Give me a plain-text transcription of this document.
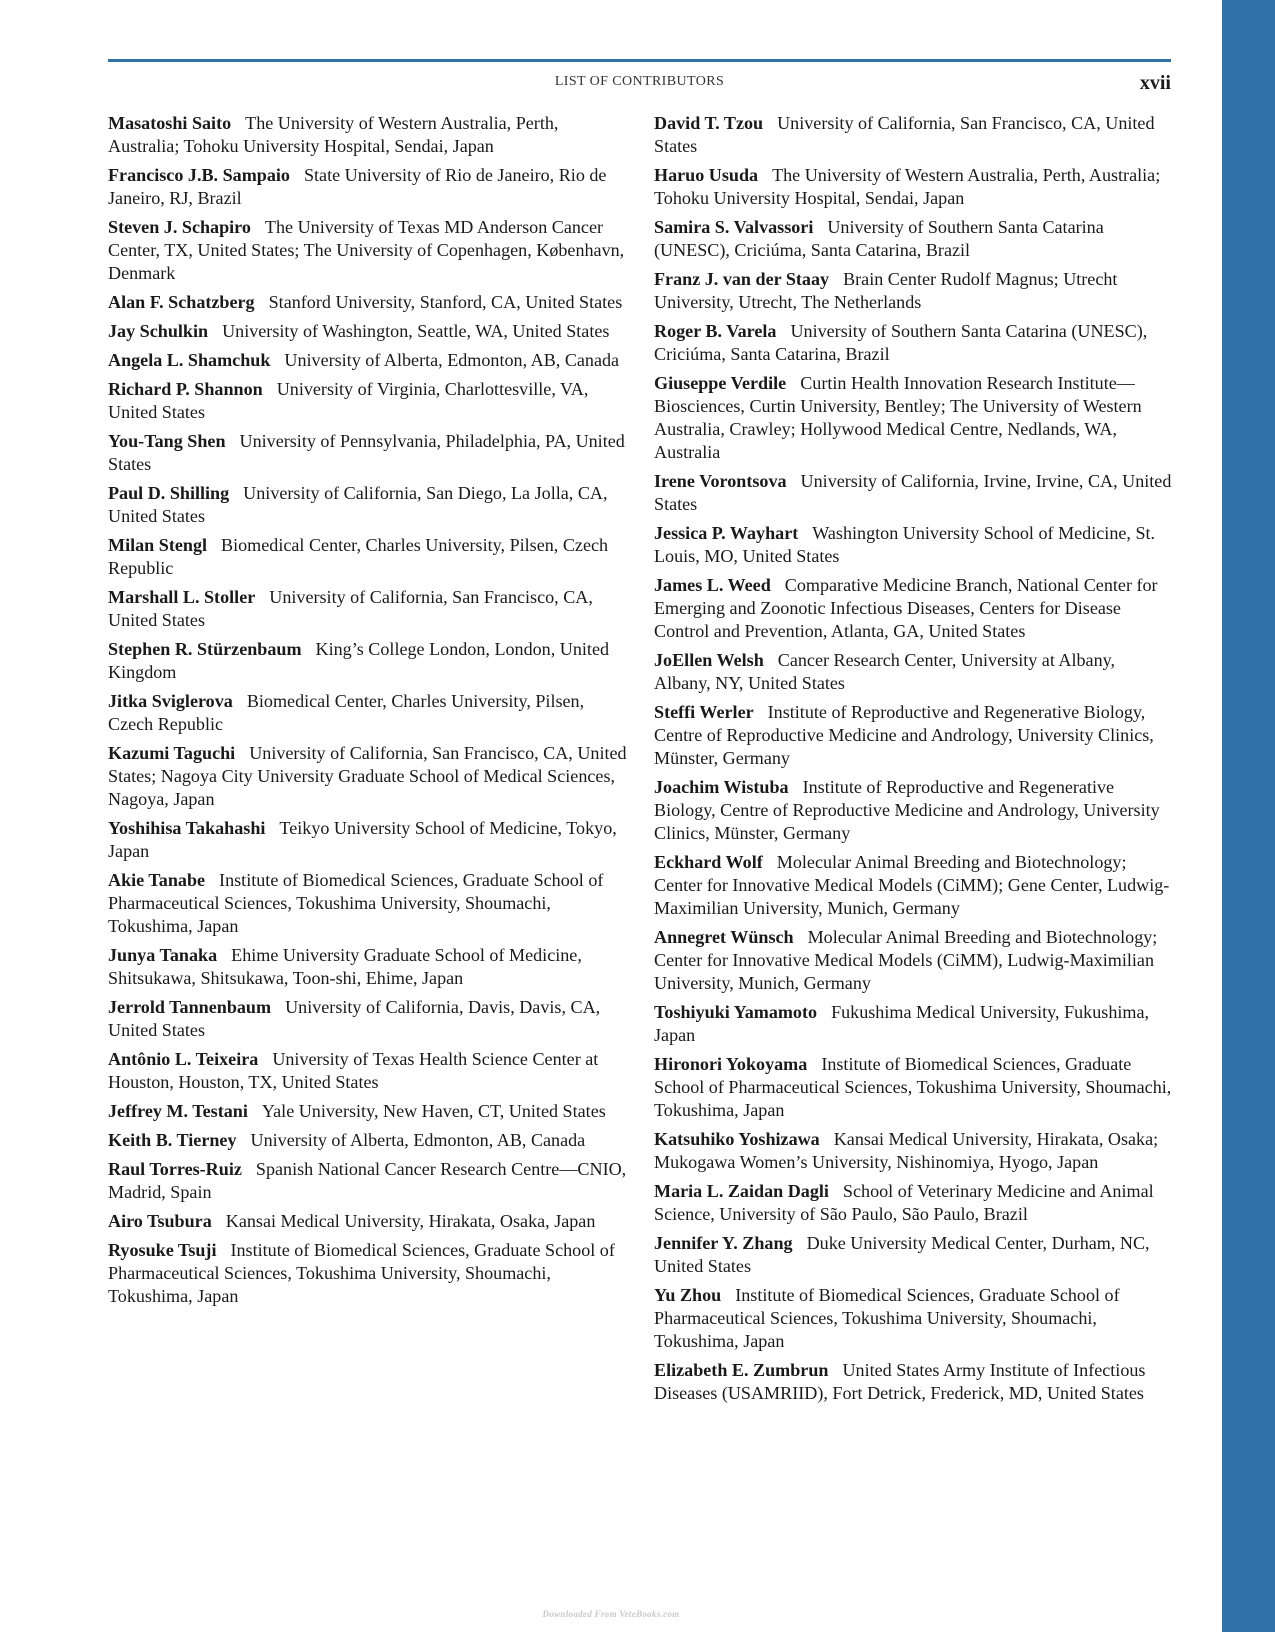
LIST OF CONTRIBUTORS	xvii

Masatoshi Saito The University of Western Australia, Perth, Australia; Tohoku University Hospital, Sendai, Japan

Francisco J.B. Sampaio State University of Rio de Janeiro, Rio de Janeiro, RJ, Brazil

Steven J. Schapiro The University of Texas MD Anderson Cancer Center, TX, United States; The University of Copenhagen, København, Denmark

Alan F. Schatzberg Stanford University, Stanford, CA, United States

Jay Schulkin University of Washington, Seattle, WA, United States

Angela L. Shamchuk University of Alberta, Edmonton, AB, Canada

Richard P. Shannon University of Virginia, Charlottesville, VA, United States

You-Tang Shen University of Pennsylvania, Philadelphia, PA, United States

Paul D. Shilling University of California, San Diego, La Jolla, CA, United States

Milan Stengl Biomedical Center, Charles University, Pilsen, Czech Republic

Marshall L. Stoller University of California, San Francisco, CA, United States

Stephen R. Stürzenbaum King’s College London, London, United Kingdom

Jitka Sviglerova Biomedical Center, Charles University, Pilsen, Czech Republic

Kazumi Taguchi University of California, San Francisco, CA, United States; Nagoya City University Graduate School of Medical Sciences, Nagoya, Japan

Yoshihisa Takahashi Teikyo University School of Medicine, Tokyo, Japan

Akie Tanabe Institute of Biomedical Sciences, Graduate School of Pharmaceutical Sciences, Tokushima University, Shoumachi, Tokushima, Japan

Junya Tanaka Ehime University Graduate School of Medicine, Shitsukawa, Shitsukawa, Toon-shi, Ehime, Japan

Jerrold Tannenbaum University of California, Davis, Davis, CA, United States

Antônio L. Teixeira University of Texas Health Science Center at Houston, Houston, TX, United States

Jeffrey M. Testani Yale University, New Haven, CT, United States

Keith B. Tierney University of Alberta, Edmonton, AB, Canada

Raul Torres-Ruiz Spanish National Cancer Research Centre—CNIO, Madrid, Spain

Airo Tsubura Kansai Medical University, Hirakata, Osaka, Japan

Ryosuke Tsuji Institute of Biomedical Sciences, Graduate School of Pharmaceutical Sciences, Tokushima University, Shoumachi, Tokushima, Japan

David T. Tzou University of California, San Francisco, CA, United States

Haruo Usuda The University of Western Australia, Perth, Australia; Tohoku University Hospital, Sendai, Japan

Samira S. Valvassori University of Southern Santa Catarina (UNESC), Criciúma, Santa Catarina, Brazil

Franz J. van der Staay Brain Center Rudolf Magnus; Utrecht University, Utrecht, The Netherlands

Roger B. Varela University of Southern Santa Catarina (UNESC), Criciúma, Santa Catarina, Brazil

Giuseppe Verdile Curtin Health Innovation Research Institute—Biosciences, Curtin University, Bentley; The University of Western Australia, Crawley; Hollywood Medical Centre, Nedlands, WA, Australia

Irene Vorontsova University of California, Irvine, Irvine, CA, United States

Jessica P. Wayhart Washington University School of Medicine, St. Louis, MO, United States

James L. Weed Comparative Medicine Branch, National Center for Emerging and Zoonotic Infectious Diseases, Centers for Disease Control and Prevention, Atlanta, GA, United States

JoEllen Welsh Cancer Research Center, University at Albany, Albany, NY, United States

Steffi Werler Institute of Reproductive and Regenerative Biology, Centre of Reproductive Medicine and Andrology, University Clinics, Münster, Germany

Joachim Wistuba Institute of Reproductive and Regenerative Biology, Centre of Reproductive Medicine and Andrology, University Clinics, Münster, Germany

Eckhard Wolf Molecular Animal Breeding and Biotechnology; Center for Innovative Medical Models (CiMM); Gene Center, Ludwig-Maximilian University, Munich, Germany

Annegret Wünsch Molecular Animal Breeding and Biotechnology; Center for Innovative Medical Models (CiMM), Ludwig-Maximilian University, Munich, Germany

Toshiyuki Yamamoto Fukushima Medical University, Fukushima, Japan

Hironori Yokoyama Institute of Biomedical Sciences, Graduate School of Pharmaceutical Sciences, Tokushima University, Shoumachi, Tokushima, Japan

Katsuhiko Yoshizawa Kansai Medical University, Hirakata, Osaka; Mukogawa Women’s University, Nishinomiya, Hyogo, Japan

Maria L. Zaidan Dagli School of Veterinary Medicine and Animal Science, University of São Paulo, São Paulo, Brazil

Jennifer Y. Zhang Duke University Medical Center, Durham, NC, United States

Yu Zhou Institute of Biomedical Sciences, Graduate School of Pharmaceutical Sciences, Tokushima University, Shoumachi, Tokushima, Japan

Elizabeth E. Zumbrun United States Army Institute of Infectious Diseases (USAMRIID), Fort Detrick, Frederick, MD, United States

Downloaded From VeteBooks.com
